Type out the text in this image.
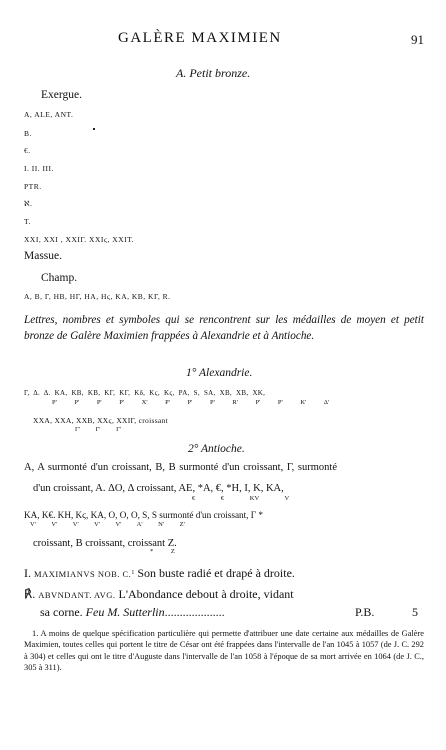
GALÈRE MAXIMIEN	91
A. Petit bronze.
Exergue.
A, ALE, ANT.
B.
€.
I. II. III.
PTR.
ℵ.
T.
XXI, XXI , XXIΓ. XXIϛ, XXIT.
Massue.
Champ.
A, B, Γ, HB, HΓ, HA, Hϛ, KA, KB, KΓ, R.
Lettres, nombres et symboles qui se rencontrent sur les médailles de moyen et petit bronze de Galère Maximien frappées à Alexandrie et à Antioche.
1° Alexandrie.
Γ, Δ. Δ. KA, KB, KB, KΓ, KΓ, Kδ, Kϛ, Kϛ, PA, S, SA, XB, XB, XK,
P' P' P' P' X' P' P' P' R' P' P' K' Δ'
XXA, XXA, XXB, XXϛ, XXIΓ, croissant
Γ' Γ' Γ'
2° Antioche.
A, A surmonté d'un croissant, B, B surmonté d'un croissant, Γ, surmonté
d'un croissant, A. ΔO, Δ croissant, AE, *A, €, *H, I, K, KA,
€ € KV V
KA, K€. KH, Kϛ, KA, O, O, O, S, S surmonté d'un croissant, Γ *
V' V' V' V' V' A' N' Z'
croissant, B croissant, croissant Z.
* Z
I. MAXIMIANVS NOB. C.$^1$ Son buste radié et drapé à droite.
℟. ABVNDANT. AVG. L'Abondance debout à droite, vidant
sa corne. Feu M. Sutterlin....................	P.B.	5
1. A moins de quelque spécification particulière qui permette d'attribuer une date certaine aux médailles de Galère Maximien, toutes celles qui portent le titre de César ont été frappées dans l'intervalle de l'an 1045 à 1057 (de J. C. 292 à 304) et celles qui ont le titre d'Auguste dans l'intervalle de l'an 1058 à l'époque de sa mort arrivée en 1064 (de J. C., 305 à 311).
